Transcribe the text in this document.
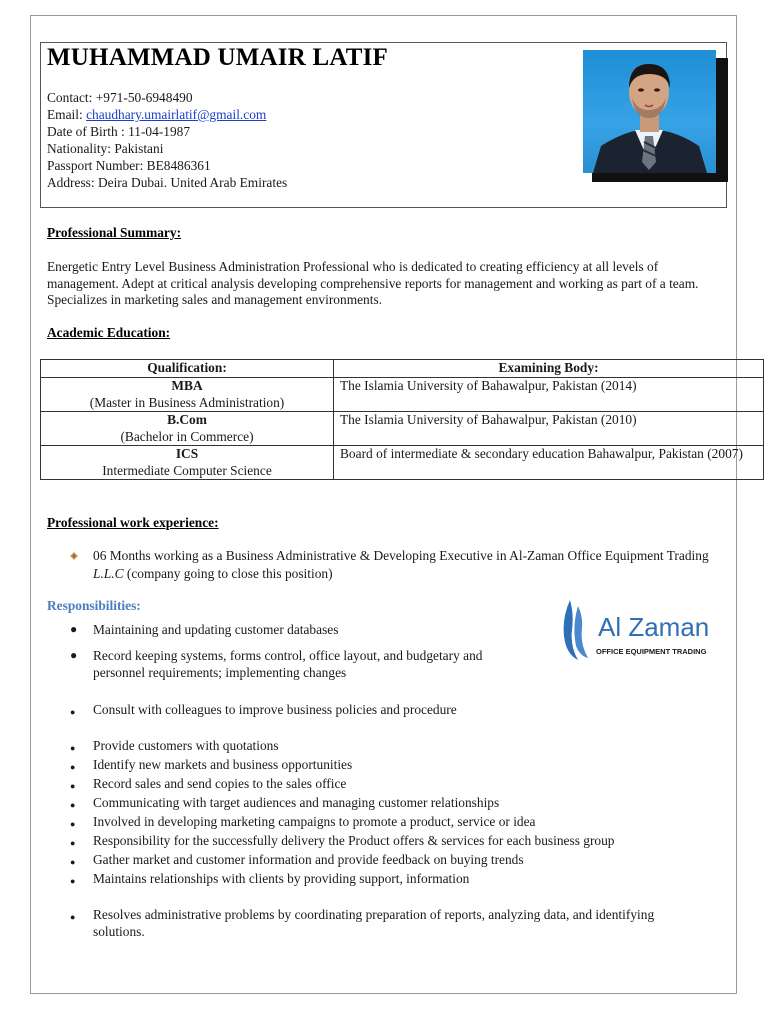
MUHAMMAD UMAIR LATIF
Contact: +971-50-6948490
Email: chaudhary.umairlatif@gmail.com
Date of Birth : 11-04-1987
Nationality: Pakistani
Passport Number: BE8486361
Address: Deira Dubai. United Arab Emirates
Professional Summary:
Energetic Entry Level Business Administration Professional who is dedicated to creating efficiency at all levels of management. Adept at critical analysis developing comprehensive reports for management and working as part of a team. Specializes in marketing sales and management environments.
Academic Education:
Qualification:	Examining Body:

MBA
(Master in Business Administration)	The Islamia University of Bahawalpur, Pakistan (2014)

B.Com
(Bachelor in Commerce)	The Islamia University of Bahawalpur, Pakistan (2010)

ICS
Intermediate Computer Science	Board of intermediate & secondary education Bahawalpur, Pakistan (2007)
Professional work experience:
06 Months working as a Business Administrative & Developing Executive in Al-Zaman Office Equipment Trading L.L.C (company going to close this position)
Responsibilities:
Al Zaman
OFFICE EQUIPMENT TRADING
● Maintaining and updating customer databases
● Record keeping systems, forms control, office layout, and budgetary and personnel requirements; implementing changes
● Consult with colleagues to improve business policies and procedure
● Provide customers with quotations
● Identify new markets and business opportunities
● Record sales and send copies to the sales office
● Communicating with target audiences and managing customer relationships
● Involved in developing marketing campaigns to promote a product, service or idea
● Responsibility for the successfully delivery the Product offers & services for each business group
● Gather market and customer information and provide feedback on buying trends
● Maintains relationships with clients by providing support, information
● Resolves administrative problems by coordinating preparation of reports, analyzing data, and identifying solutions.
